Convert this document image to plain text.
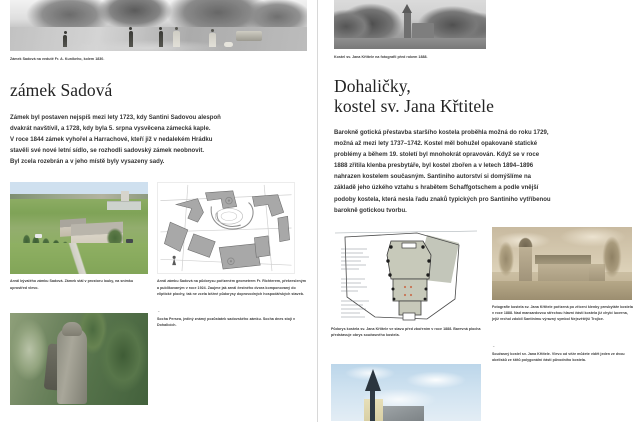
Zámek Sadová na vedutě Fr. A. Kunikeho, kolem 1830.
zámek Sadová

Zámek byl postaven nejspíš mezi lety 1723, kdy Santini Sadovou alespoň

dvakrát navštívil, a 1728, kdy byla 5. srpna vysvěcena zámecká kaple.

V roce 1844 zámek vyhořel a Harrachové, kteří již v nedalekém Hrádku

stavěli své nové letní sídlo, se rozhodli sadovský zámek neobnovit.

Byl zcela rozebrán a v jeho místě byly vysazeny sady.

Areál bývalého zámku Sadová. Zámek stál v prostoru louky, na snímku uprostřed vlevo.
Areál zámku Sadová na půdorysu pořízeném geometrem Fr. Richterem, překresleným a publikovaným v roce 1924. Zaujme jak areál čestného dvora komponovaný do eliptické plochy, tak ne zcela běžné půdorysy doprovodných hospodářských staveb.
←
Socha Persea, jediný známý pozůstatek sadovského zámku. Socha dnes stojí v Dohalicích.
Kostel sv. Jana Křtitele na fotografii před rokem 1888.
Dohaličky,
kostel sv. Jana Křtitele

Barokně gotická přestavba staršího kostela proběhla možná do roku 1729,

možná až mezi lety 1737–1742. Kostel měl bohužel opakovaně statické

problémy a během 19. století byl mnohokrát opravován. Když se v roce

1888 zřítila klenba presbytáře, byl kostel zbořen a v letech 1894–1896

nahrazen kostelem současným. Santiniho autorství si domýšlíme na

základě jeho úzkého vztahu s hrabětem Schaffgotschem a podle vnější

podoby kostela, která nesla řadu znaků typických pro Santiniho vytříbenou

barokně gotickou tvorbu.

Půdorys kostela sv. Jana Křtitele ve stavu před zbořením v roce 1888. Barevná plocha představuje obrys současného kostela.
Fotografie kostela sv. Jana Křtitele pořízená po zřícení klenby presbytáře kostela v roce 1888. Nad mansardovou střechou hlavní části kostela jiż chybí lucerna, jejíž vrchol zdobil Santinimu výrazný symbol Nejsvětější Trojice.
←
Současný kostel sv. Jana Křtitele. Vlevo od věže můžete vidět jeden ze dvou obelisků ze štítů polygonální části původního kostela.
